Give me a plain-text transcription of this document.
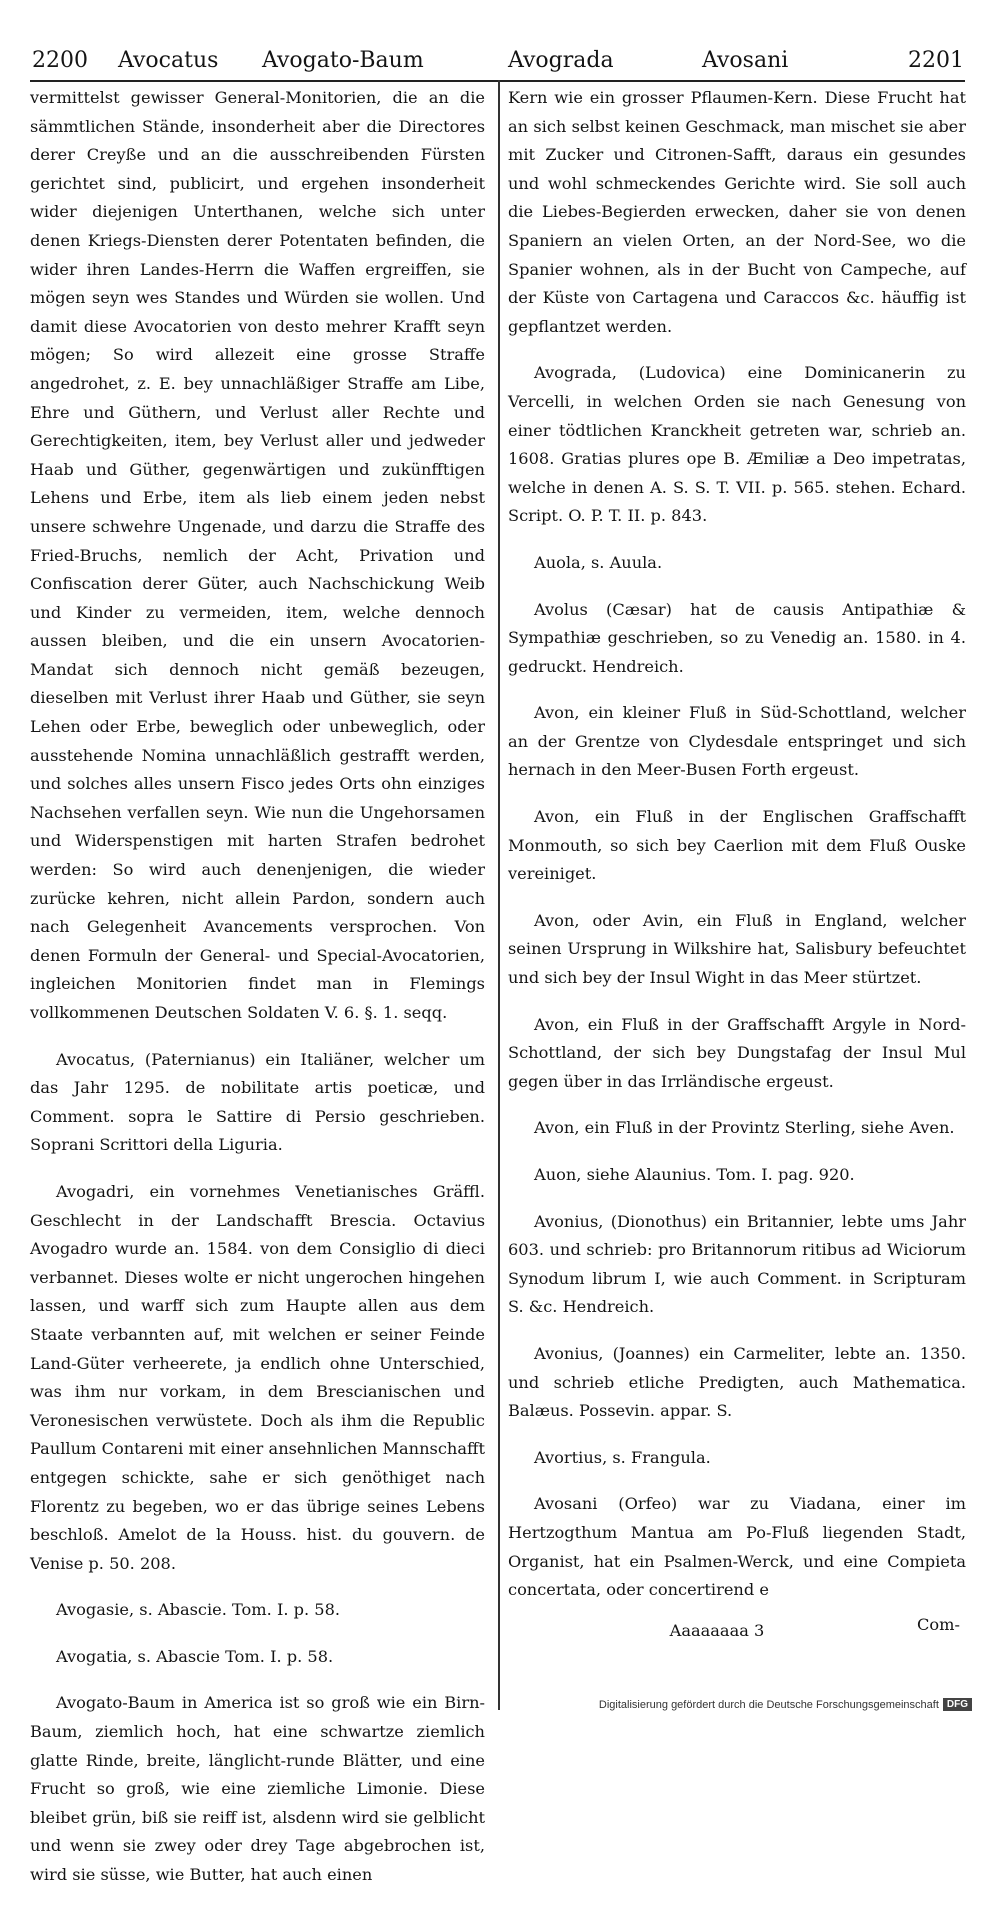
2200 Avocatus Avogato-Baum	Avograda	Avosani	2201

vermittelst gewisser General-Monitorien, die an die sämmtlichen Stände, insonderheit aber die Directores derer Creyße und an die ausschreibenden Fürsten gerichtet sind, publicirt, und ergehen insonderheit wider diejenigen Unterthanen, welche sich unter denen Kriegs-Diensten derer Potentaten befinden, die wider ihren Landes-Herrn die Waffen ergreiffen, sie mögen seyn wes Standes und Würden sie wollen. Und damit diese Avocatorien von desto mehrer Krafft seyn mögen; So wird allezeit eine grosse Straffe angedrohet, z. E. bey unnachläßiger Straffe am Libe, Ehre und Güthern, und Verlust aller Rechte und Gerechtigkeiten, item, bey Verlust aller und jedweder Haab und Güther, gegenwärtigen und zukünfftigen Lehens und Erbe, item als lieb einem jeden nebst unsere schwehre Ungenade, und darzu die Straffe des Fried-Bruchs, nemlich der Acht, Privation und Confiscation derer Güter, auch Nachschickung Weib und Kinder zu vermeiden, item, welche dennoch aussen bleiben, und die ein unsern Avocatorien-Mandat sich dennoch nicht gemäß bezeugen, dieselben mit Verlust ihrer Haab und Güther, sie seyn Lehen oder Erbe, beweglich oder unbeweglich, oder ausstehende Nomina unnachläßlich gestrafft werden, und solches alles unsern Fisco jedes Orts ohn einziges Nachsehen verfallen seyn. Wie nun die Ungehorsamen und Widerspenstigen mit harten Strafen bedrohet werden: So wird auch denenjenigen, die wieder zurücke kehren, nicht allein Pardon, sondern auch nach Gelegenheit Avancements versprochen. Von denen Formuln der General- und Special-Avocatorien, ingleichen Monitorien findet man in Flemings vollkommenen Deutschen Soldaten V. 6. §. 1. seqq.

Avocatus, (Paternianus) ein Italiäner, welcher um das Jahr 1295. de nobilitate artis poeticæ, und Comment. sopra le Sattire di Persio geschrieben. Soprani Scrittori della Liguria.

Avogadri, ein vornehmes Venetianisches Gräffl. Geschlecht in der Landschafft Brescia. Octavius Avogadro wurde an. 1584. von dem Consiglio di dieci verbannet. Dieses wolte er nicht ungerochen hingehen lassen, und warff sich zum Haupte allen aus dem Staate verbannten auf, mit welchen er seiner Feinde Land-Güter verheerete, ja endlich ohne Unterschied, was ihm nur vorkam, in dem Brescianischen und Veronesischen verwüstete. Doch als ihm die Republic Paullum Contareni mit einer ansehnlichen Mannschafft entgegen schickte, sahe er sich genöthiget nach Florentz zu begeben, wo er das übrige seines Lebens beschloß. Amelot de la Houss. hist. du gouvern. de Venise p. 50. 208.

Avogasie, s. Abascie. Tom. I. p. 58.

Avogatia, s. Abascie Tom. I. p. 58.

Avogato-Baum in America ist so groß wie ein Birn-Baum, ziemlich hoch, hat eine schwartze ziemlich glatte Rinde, breite, länglicht-runde Blätter, und eine Frucht so groß, wie eine ziemliche Limonie. Diese bleibet grün, biß sie reiff ist, alsdenn wird sie gelblicht und wenn sie zwey oder drey Tage abgebrochen ist, wird sie süsse, wie Butter, hat auch einen

Kern wie ein grosser Pflaumen-Kern. Diese Frucht hat an sich selbst keinen Geschmack, man mischet sie aber mit Zucker und Citronen-Safft, daraus ein gesundes und wohl schmeckendes Gerichte wird. Sie soll auch die Liebes-Begierden erwecken, daher sie von denen Spaniern an vielen Orten, an der Nord-See, wo die Spanier wohnen, als in der Bucht von Campeche, auf der Küste von Cartagena und Caraccos &c. häuffig ist gepflantzet werden.

Avograda, (Ludovica) eine Dominicanerin zu Vercelli, in welchen Orden sie nach Genesung von einer tödtlichen Kranckheit getreten war, schrieb an. 1608. Gratias plures ope B. Æmiliæ a Deo impetratas, welche in denen A. S. S. T. VII. p. 565. stehen. Echard. Script. O. P. T. II. p. 843.

Auola, s. Auula.

Avolus (Cæsar) hat de causis Antipathiæ & Sympathiæ geschrieben, so zu Venedig an. 1580. in 4. gedruckt. Hendreich.

Avon, ein kleiner Fluß in Süd-Schottland, welcher an der Grentze von Clydesdale entspringet und sich hernach in den Meer-Busen Forth ergeust.

Avon, ein Fluß in der Englischen Graffschafft Monmouth, so sich bey Caerlion mit dem Fluß Ouske vereiniget.

Avon, oder Avin, ein Fluß in England, welcher seinen Ursprung in Wilkshire hat, Salisbury befeuchtet und sich bey der Insul Wight in das Meer stürtzet.

Avon, ein Fluß in der Graffschafft Argyle in Nord-Schottland, der sich bey Dungstafag der Insul Mul gegen über in das Irrländische ergeust.

Avon, ein Fluß in der Provintz Sterling, siehe Aven.

Auon, siehe Alaunius. Tom. I. pag. 920.

Avonius, (Dionothus) ein Britannier, lebte ums Jahr 603. und schrieb: pro Britannorum ritibus ad Wiciorum Synodum librum I, wie auch Comment. in Scripturam S. &c. Hendreich.

Avonius, (Joannes) ein Carmeliter, lebte an. 1350. und schrieb etliche Predigten, auch Mathematica. Balæus. Possevin. appar. S.

Avortius, s. Frangula.

Avosani (Orfeo) war zu Viadana, einer im Hertzogthum Mantua am Po-Fluß liegenden Stadt, Organist, hat ein Psalmen-Werck, und eine Compieta concertata, oder concertirend e

Aaaaaaaa 3	Com-
Digitalisierung gefördert durch die Deutsche Forschungsgemeinschaft DFG
